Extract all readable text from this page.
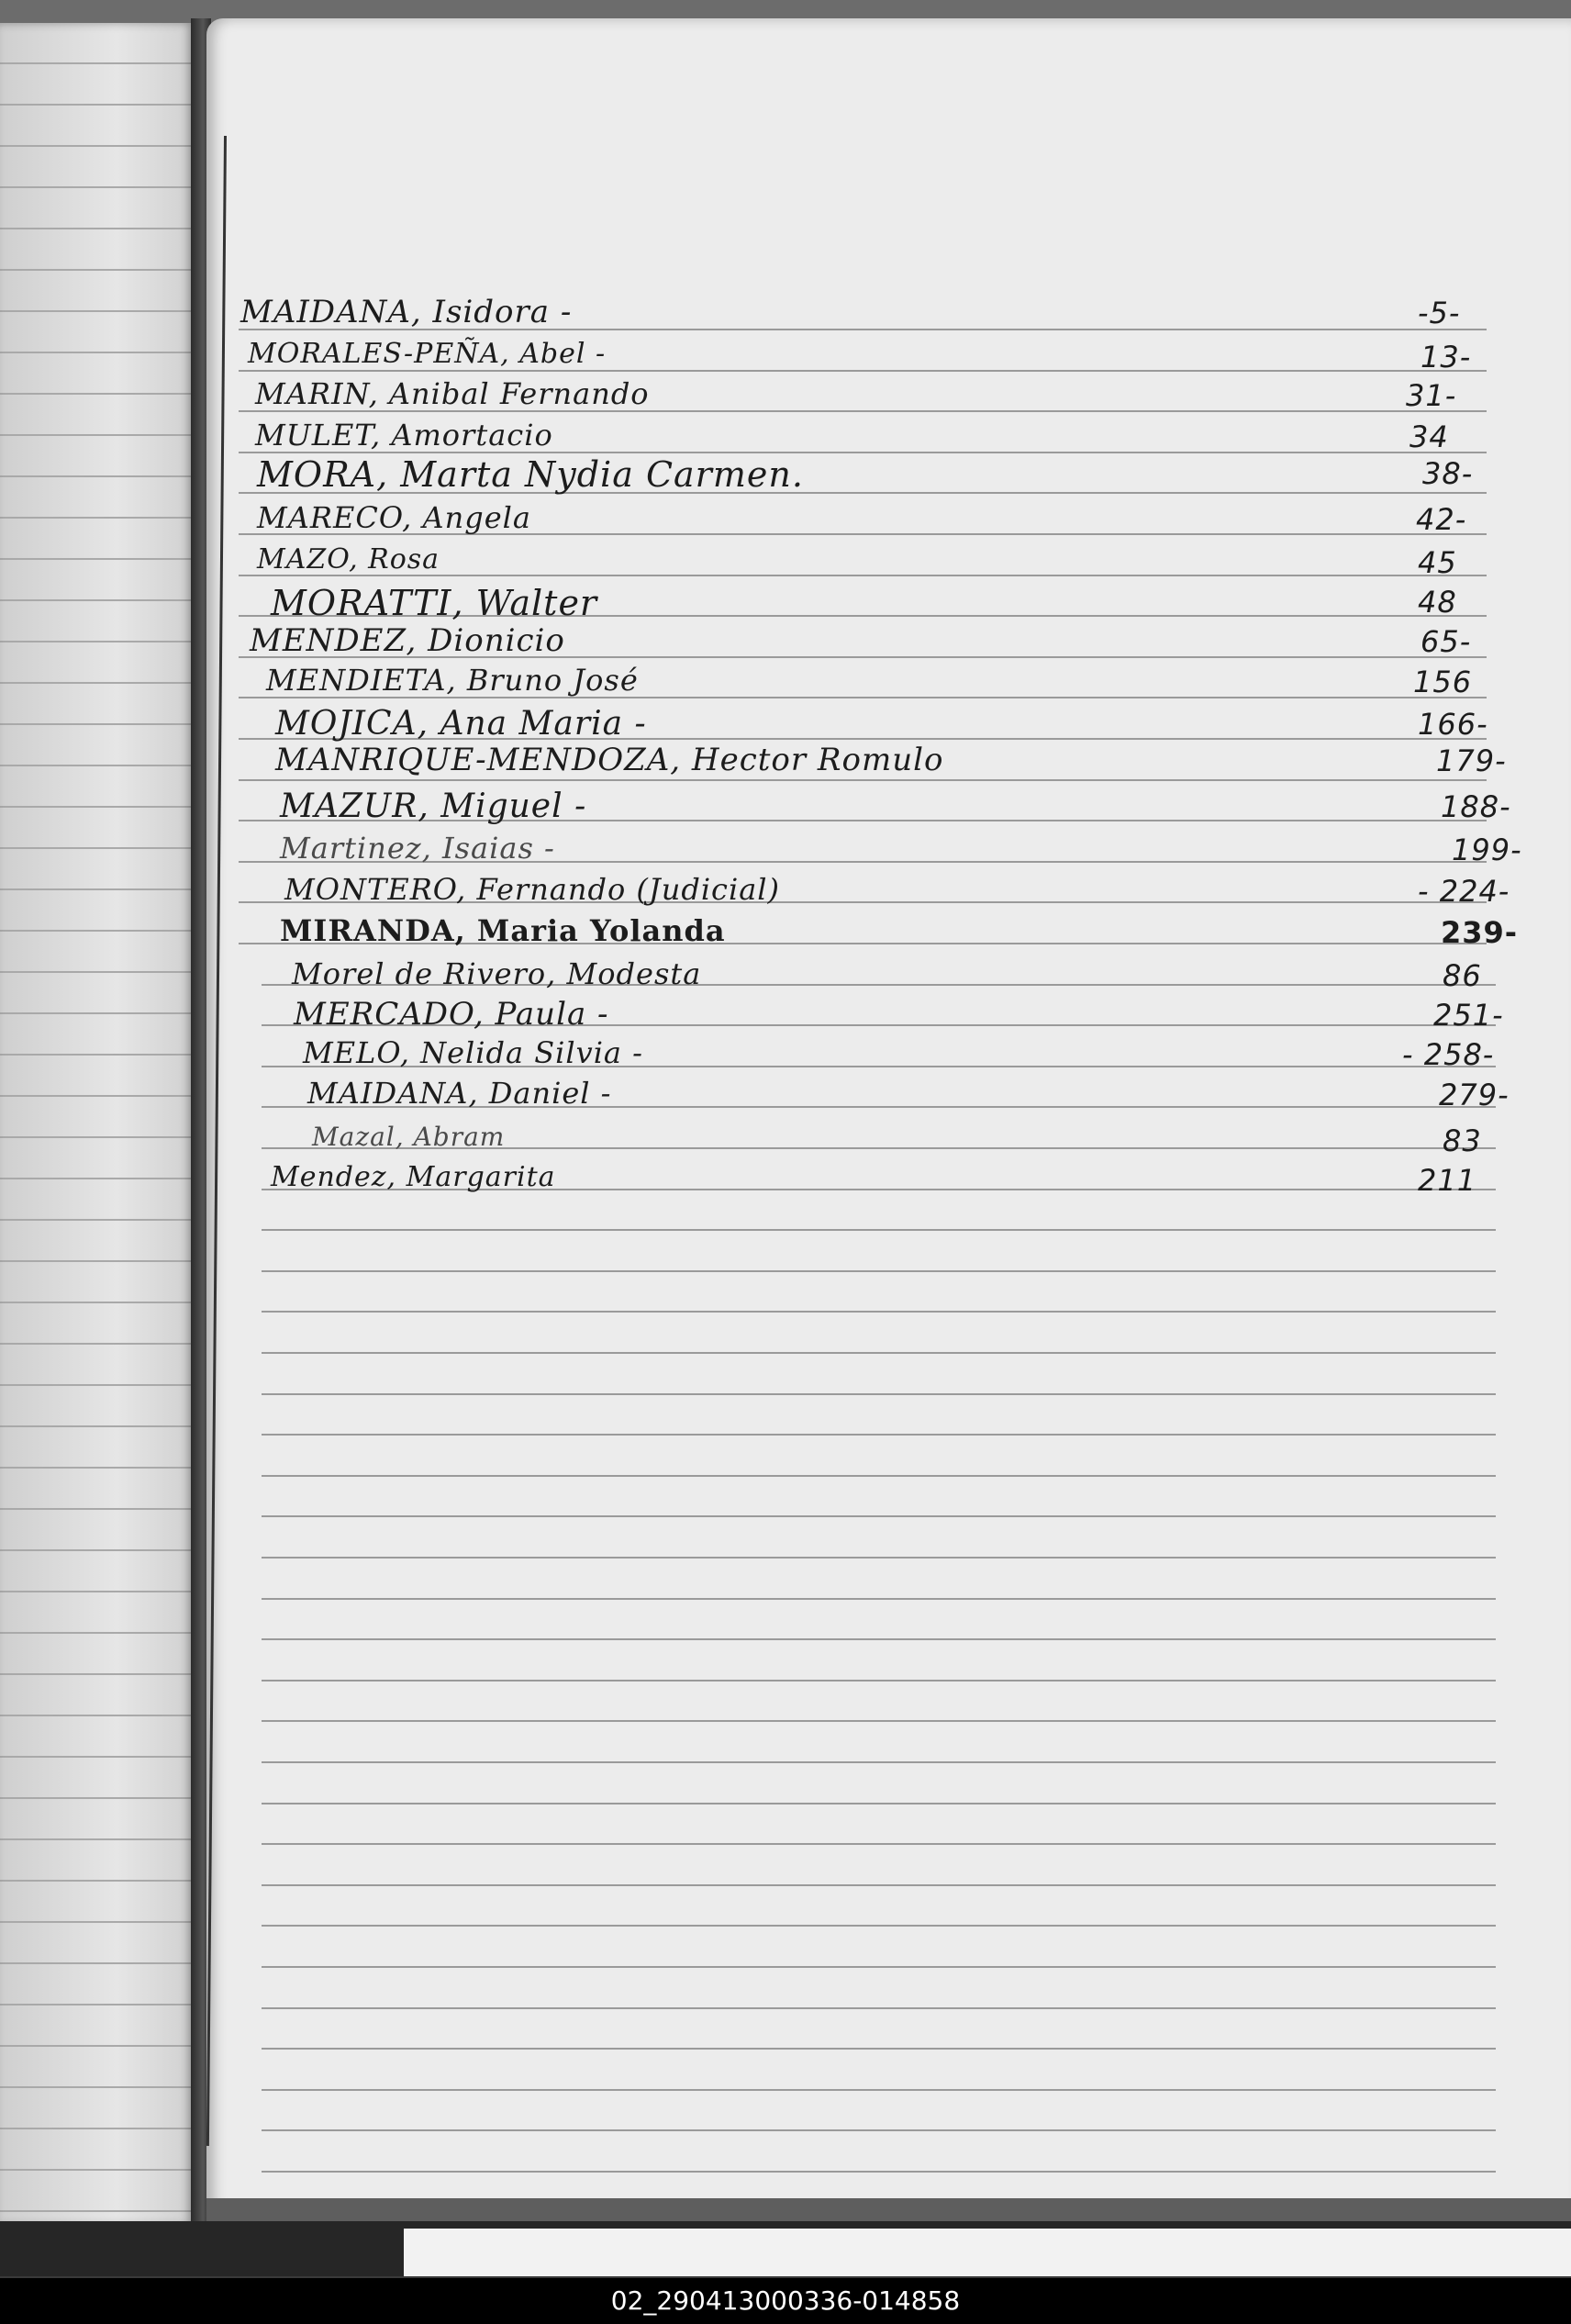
MAIDANA, Isidora -	-5-
MORALES-PEÑA, Abel -	13-
MARIN, Anibal Fernando	31-
MULET, Amortacio	34
MORA, Marta Nydia Carmen.	38-
MARECO, Angela	42-
MAZO, Rosa	45
MORATTI, Walter	48
MENDEZ, Dionicio	65-
MENDIETA, Bruno José	156
MOJICA, Ana Maria -	166-
MANRIQUE-MENDOZA, Hector Romulo	179-
MAZUR, Miguel -	188-
Martinez, Isaias -	199-
MONTERO, Fernando (Judicial)	- 224-
MIRANDA, Maria Yolanda	239-
Morel de Rivero, Modesta	86
MERCADO, Paula -	251-
MELO, Nelida Silvia -	- 258-
MAIDANA, Daniel -	279-
Mazal, Abram	83
Mendez, Margarita	211
02_290413000336-014858
